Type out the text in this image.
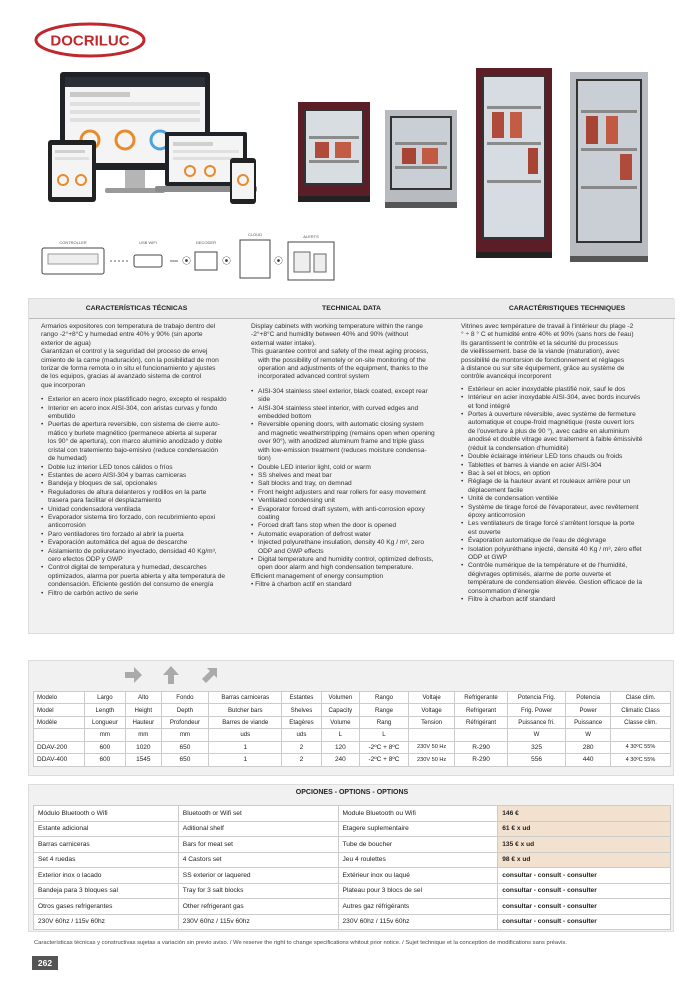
DOCRILUC
CONTROLLER	USB WIFI
⦿
DECODER
⦿
CLOUD
⦿
ALERTS
CARACTERÍSTICAS TÉCNICAS	TECHNICAL DATA	CARACTÉRISTIQUES TECHNIQUES

Armarios expositores con temperatura de trabajo dentro del

rango -2°+8°C y humedad entre 40% y 90% (sin aporte

exterior de agua)

Garantizan el control y la seguridad del proceso de envej

cimiento de la carne (maduración), con la posibilidad de mon

torizar de forma remota o in situ el funcionamiento y ajustes

de los equipos, gracias al avanzado sistema de control

que incorporan

• Exterior en acero inox plastificado negro, excepto el respaldo
• Interior en acero inox AISI-304, con aristas curvas y fondo
embutido
• Puertas de apertura reversible, con sistema de cierre auto-
mático y burlete magnético (permanece abierta al superar
los 90° de apertura), con marco aluminio anodizado y doble
cristal con tratemiento bajo-emisivo (reduce condensación
de humedad)
• Doble luz interior LED tonos cálidos o fríos
• Estantes de acero AISI-304 y barras carniceras
• Bandeja y bloques de sal, opcionales
• Reguladores de altura delanteros y rodillos en la parte
trasera para facilitar el desplazamiento
• Unidad condensadora ventilada
• Evaporador sistema tiro forzado, con recubrimiento epoxi
anticorrosión
• Paro ventiladores tiro forzado al abrir la puerta
• Evaporación automática del agua de descarche
• Aislamiento de poliuretano inyectado, densidad 40 Kg/m³,
cero efectos ODP y GWP
• Control digital de temperatura y humedad, descarches
optimizados, alarma por puerta abierta y alta temperatura de
condensación. Eficiente gestión del consumo de energía
• Filtro de carbón activo de serie

Display cabinets with working temperature within the range

-2°+8°C and humidity between 40% and 90% (without

external water intake).

This guarantee control and safety of the meat aging process,

with the possibility of remotely or on-site monitoring of the

operation and adjustments of the equipment, thanks to the

incorporated advanced control system

• AISI-304 stainless steel exterior, black coated, except rear
side
• AISI-304 stainless steel interior, with curved edges and
embedded bottom
• Reversible opening doors, with automatic closing system
and magnetic weatherstripping (remains open when opening
over 90°), with anodized aluminum frame and triple glass
with low-emission treatment (reduces moisture condensa-
tion)
• Double LED interior light, cold or warm
• SS shelves and meat bar
• Salt blocks and tray, on demnad
• Front height adjusters and rear rollers for easy movement
• Ventilated condensing unit
• Evaporator forced draft system, with anti-corrosion epoxy
coating
• Forced draft fans stop when the door is opened
• Automatic evaporation of defrost water
• Injected polyurethane insulation, density 40 Kg / m³, zero
ODP and GWP effects
• Digital temperature and humidity control, optimized defrosts,
open door alarm and high condensation temperature.
Efficient management of energy consumption
• Filtre à charbon actif en standard

Vitrines avec température de travail à l'intérieur du plage -2

° ÷ 8 ° C et humidité entre 40% et 90% (sans hors de l'eau)

Ils garantissent le contrôle et la sécurité du processus

de vieillissement. base de la viande (maturation), avec

possibilité de montorsion de fonctionnement et réglages

à distance ou sur site équipement, grâce au système de

contrôle avancéqui incorporent

• Extérieur en acier inoxydable plastifié noir, sauf le dos
• Intérieur en acier inoxydable AISI-304, avec bords incurvés
et fond intégré
• Portes à ouverture réversible, avec système de fermeture
automatique et coupe-froid magnétique (reste ouvert lors
de l'ouverture à plus de 90 °), avec cadre en aluminium
anodisé et double vitrage avec traitement à faible émissivité
(réduit la condensation d'humidité)
• Double éclairage intérieur LED tons chauds ou froids
• Tablettes et barres à viande en acier AISI-304
• Bac à sel et blocs, en option
• Réglage de la hauteur avant et rouleaux arrière pour un
déplacement facile
• Unité de condensation ventilée
• Système de tirage forcé de l'évaporateur, avec revêtement
époxy anticorrosion
• Les ventilateurs de tirage forcé s'arrêtent lorsque la porte
est ouverte
• Évaporation automatique de l'eau de dégivrage
• Isolation polyuréthane injecté, densité 40 Kg / m³, zéro effet
ODP et GWP
• Contrôle numérique de la température et de l'humidité,
dégivrages optimisés, alarme de porte ouverte et
température de condensation élevée. Gestion efficace de la
consommation d'énergie
• Filtre à charbon actif standard
Modelo	Largo	Alto	Fondo	Barras carniceras	Estantes	Volumen	Rango	Voltaje	Refrigerante	Potencia Frig.	Potencia	Clase clim.
Model	Length	Height	Depth	Butcher bars	Shelves	Capacity	Range	Voltage	Refrigerant	Frig. Power	Power	Climatic Class
Modèle	Longueur	Hauteur	Profondeur	Barres de viande	Etagères	Volume	Rang	Tension	Réfrigérant	Puissance fri.	Puissance	Classe clim.
	mm	mm	mm	uds	uds	L	L			W	W	
DDAV-200	600	1020	650	1	2	120	-2ºC + 8ºC	230V 50 Hz	R-290	325	280	4 30ºC 55%
DDAV-400	600	1545	650	1	2	240	-2ºC + 8ºC	230V 50 Hz	R-290	556	440	4 30ºC 55%
OPCIONES - OPTIONS - OPTIONS
Módulo Bluetooth o Wifi	Bluetooth or Wifi set	Module Bluetooth ou Wifi	146 €
Estante adicional	Aditional shelf	Etagere suplementaire	61 € x ud
Barras carniceras	Bars for meat set	Tube de boucher	135 € x ud
Set 4 ruedas	4 Castors set	Jeu 4 roulettes	98 € x ud
Exterior inox o lacado	SS exterior or laquered	Extérieur inox ou laqué	consultar - consult - consulter
Bandeja para 3 bloques sal	Tray for 3 salt blocks	Plateau pour 3 blocs de sel	consultar - consult - consulter
Otros gases refrigerantes	Other refrigerant gas	Autres gaz réfrigérants	consultar - consult - consulter
230V 60hz / 115v 60hz	230V 60hz / 115v 60hz	230V 60hz / 115v 60hz	consultar - consult - consulter
Características técnicas y constructivas sujetas a variación sin previo aviso. / We reserve the right to change specifications whitout prior notice. / Sujet technique et la conception de modifications sans préavis.
262
